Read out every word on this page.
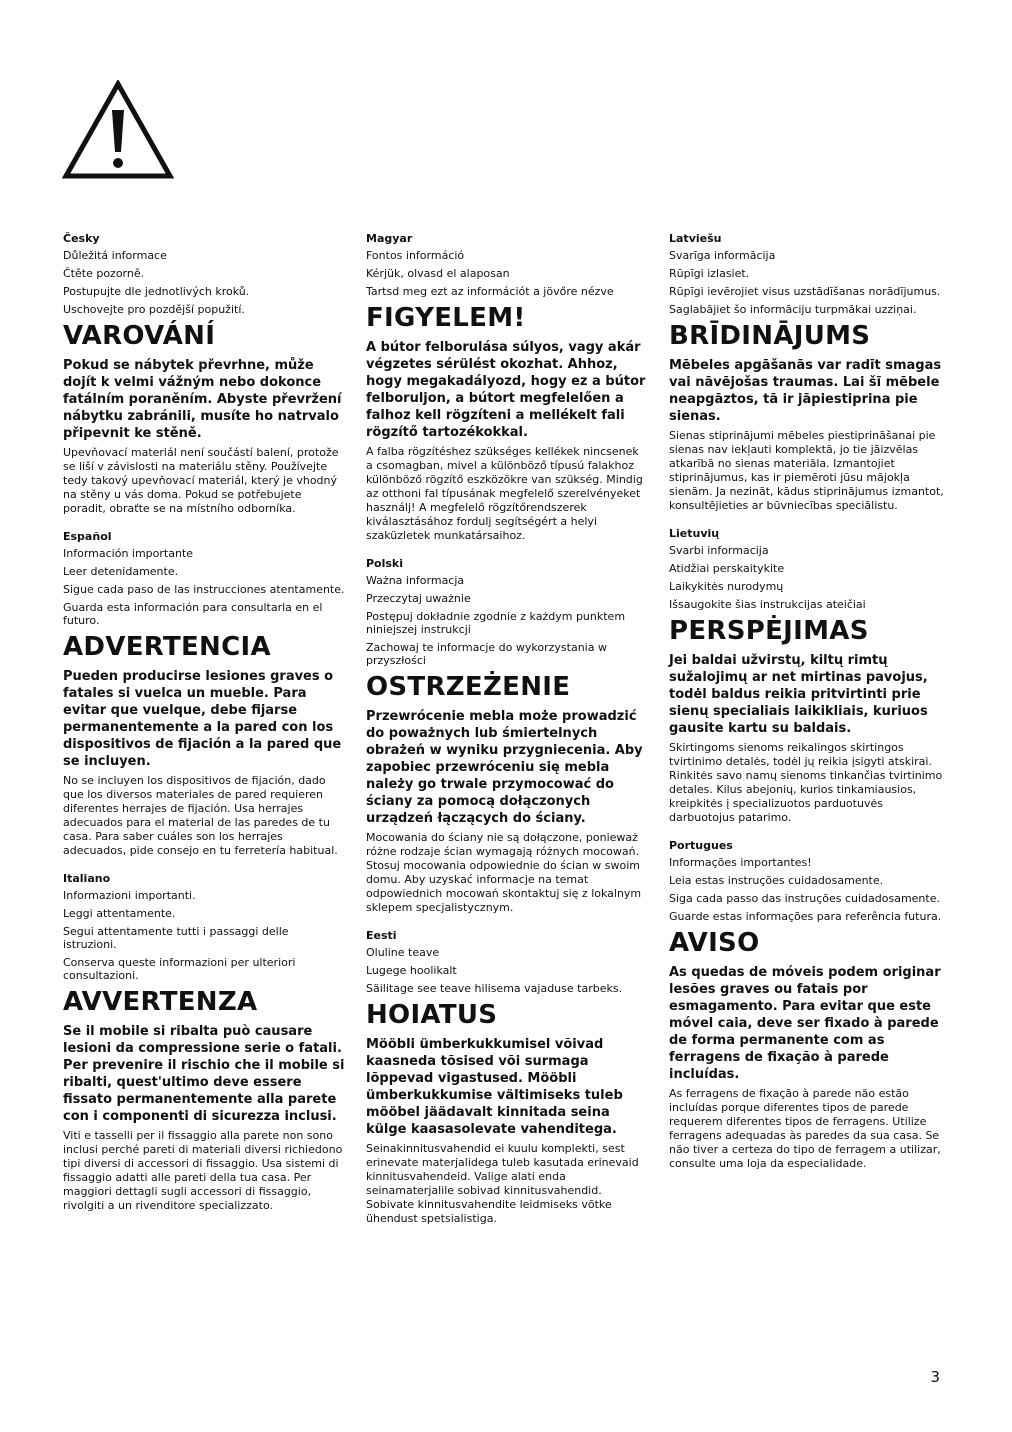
Česky
Důležitá informace
Čtěte pozorně.
Postupujte dle jednotlivých kroků.
Uschovejte pro pozdější popužití.
VAROVÁNÍ
Pokud se nábytek převrhne, může dojít k velmi vážným nebo dokonce fatálním poraněním. Abyste převržení nábytku zabránili, musíte ho natrvalo připevnit ke stěně.
Upevňovací materiál není součástí balení, protože se liší v závislosti na materiálu stěny. Používejte tedy takový upevňovací materiál, který je vhodný na stěny u vás doma. Pokud se potřebujete poradit, obraťte se na místního odborníka.
Español
Información importante
Leer detenidamente.
Sigue cada paso de las instrucciones atentamente.
Guarda esta información para consultarla en el futuro.
ADVERTENCIA
Pueden producirse lesiones graves o fatales si vuelca un mueble. Para evitar que vuelque, debe fijarse permanentemente a la pared con los dispositivos de fijación a la pared que se incluyen.
No se incluyen los dispositivos de fijación, dado que los diversos materiales de pared requieren diferentes herrajes de fijación. Usa herrajes adecuados para el material de las paredes de tu casa. Para saber cuáles son los herrajes adecuados, pide consejo en tu ferretería habitual.
Italiano
Informazioni importanti.
Leggi attentamente.
Segui attentamente tutti i passaggi delle istruzioni.
Conserva queste informazioni per ulteriori consultazioni.
AVVERTENZA
Se il mobile si ribalta può causare lesioni da compressione serie o fatali. Per prevenire il rischio che il mobile si ribalti, quest'ultimo deve essere fissato permanentemente alla parete con i componenti di sicurezza inclusi.
Viti e tasselli per il fissaggio alla parete non sono inclusi perché pareti di materiali diversi richiedono tipi diversi di accessori di fissaggio. Usa sistemi di fissaggio adatti alle pareti della tua casa. Per maggiori dettagli sugli accessori di fissaggio, rivolgiti a un rivenditore specializzato.
Magyar
Fontos információ
Kérjük, olvasd el alaposan
Tartsd meg ezt az információt a jövőre nézve
FIGYELEM!
A bútor felborulása súlyos, vagy akár végzetes sérülést okozhat. Ahhoz, hogy megakadályozd, hogy ez a bútor felboruljon, a bútort megfelelően a falhoz kell rögzíteni a mellékelt fali rögzítő tartozékokkal.
A falba rögzítéshez szükséges kellékek nincsenek a csomagban, mivel a különböző típusú falakhoz különböző rögzítő eszközökre van szükség. Mindig az otthoni fal típusának megfelelő szerelvényeket használj! A megfelelő rögzítőrendszerek kiválasztásához fordulj segítségért a helyi szaküzletek munkatársaihoz.
Polski
Ważna informacja
Przeczytaj uważnie
Postępuj dokładnie zgodnie z każdym punktem niniejszej instrukcji
Zachowaj te informacje do wykorzystania w przyszłości
OSTRZEŻENIE
Przewrócenie mebla może prowadzić do poważnych lub śmiertelnych obrażeń w wyniku przygniecenia. Aby zapobiec przewróceniu się mebla należy go trwale przymocować do ściany za pomocą dołączonych urządzeń łączących do ściany.
Mocowania do ściany nie są dołączone, ponieważ różne rodzaje ścian wymagają różnych mocowań. Stosuj mocowania odpowiednie do ścian w swoim domu. Aby uzyskać informacje na temat odpowiednich mocowań skontaktuj się z lokalnym sklepem specjalistycznym.
Eesti
Oluline teave
Lugege hoolikalt
Säilitage see teave hilisema vajaduse tarbeks.
HOIATUS
Mööbli ümberkukkumisel võivad kaasneda tõsised või surmaga lõppevad vigastused. Mööbli ümberkukkumise vältimiseks tuleb mööbel jäädavalt kinnitada seina külge kaasasolevate vahenditega.
Seinakinnitusvahendid ei kuulu komplekti, sest erinevate materjalidega tuleb kasutada erinevaid kinnitusvahendeid. Valige alati enda seinamaterjalile sobivad kinnitusvahendid. Sobivate kinnitusvahendite leidmiseks võtke ühendust spetsialistiga.
Latviešu
Svarīga informācija
Rūpīgi izlasiet.
Rūpīgi ievērojiet visus uzstādīšanas norādījumus.
Saglabājiet šo informāciju turpmākai uzziņai.
BRĪDINĀJUMS
Mēbeles apgāšanās var radīt smagas vai nāvējošas traumas. Lai šī mēbele neapgāztos, tā ir jāpiestiprina pie sienas.
Sienas stiprinājumi mēbeles piestiprināšanai pie sienas nav iekļauti komplektā, jo tie jāizvēlas atkarībā no sienas materiāla. Izmantojiet stiprinājumus, kas ir piemēroti jūsu mājokļa sienām. Ja nezināt, kādus stiprinājumus izmantot, konsultējieties ar būvniecības speciālistu.
Lietuvių
Svarbi informacija
Atidžiai perskaitykite
Laikykitės nurodymų
Išsaugokite šias instrukcijas ateičiai
PERSPĖJIMAS
Jei baldai užvirstų, kiltų rimtų sužalojimų ar net mirtinas pavojus, todėl baldus reikia pritvirtinti prie sienų specialiais laikikliais, kuriuos gausite kartu su baldais.
Skirtingoms sienoms reikalingos skirtingos tvirtinimo detalės, todėl jų reikia įsigyti atskirai. Rinkitės savo namų sienoms tinkančias tvirtinimo detales. Kilus abejonių, kurios tinkamiausios, kreipkitės į specializuotos parduotuvės darbuotojus patarimo.
Portugues
Informações importantes!
Leia estas instruções cuidadosamente.
Siga cada passo das instruções cuidadosamente.
Guarde estas informações para referência futura.
AVISO
As quedas de móveis podem originar lesões graves ou fatais por esmagamento. Para evitar que este móvel caia, deve ser fixado à parede de forma permanente com as ferragens de fixação à parede incluídas.
As ferragens de fixação à parede não estão incluídas porque diferentes tipos de parede requerem diferentes tipos de ferragens. Utilize ferragens adequadas às paredes da sua casa. Se não tiver a certeza do tipo de ferragem a utilizar, consulte uma loja da especialidade.
3
